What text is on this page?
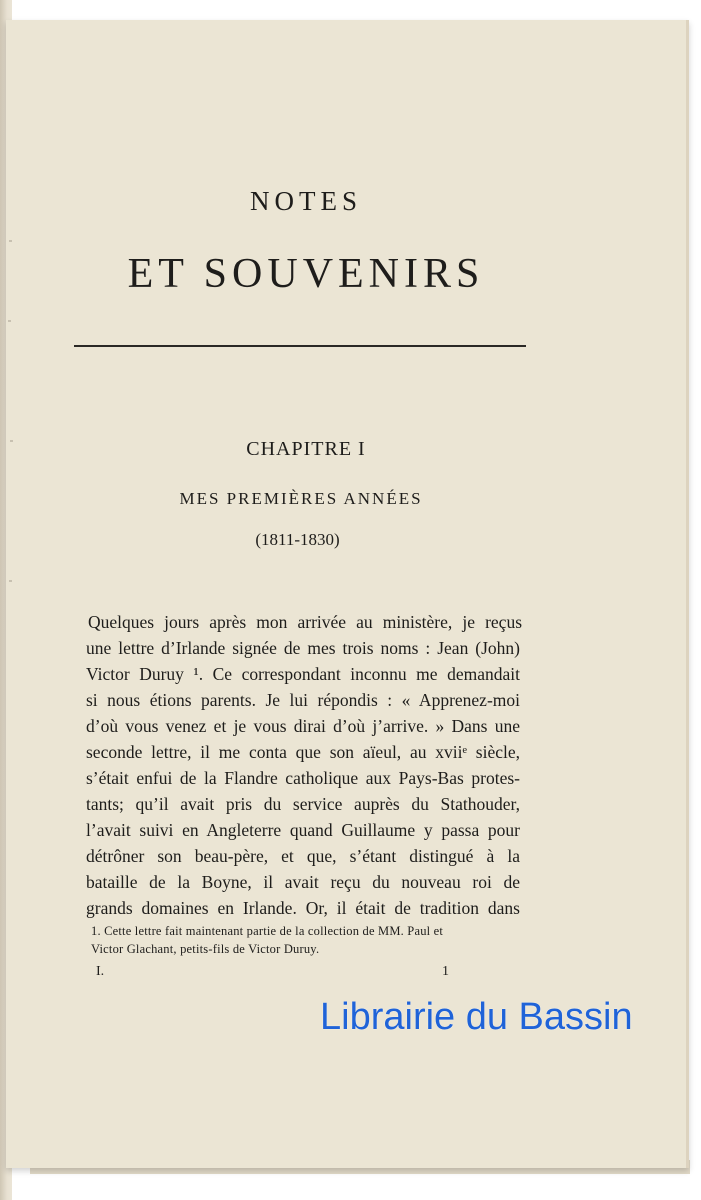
NOTES
ET SOUVENIRS
CHAPITRE I
MES PREMIÈRES ANNÉES
(1811-1830)
Quelques jours après mon arrivée au ministère, je reçus
une lettre d’Irlande signée de mes trois noms : Jean (John)
Victor Duruy ¹. Ce correspondant inconnu me demandait
si nous étions parents. Je lui répondis : « Apprenez-moi
d’où vous venez et je vous dirai d’où j’arrive. » Dans une
seconde lettre, il me conta que son aïeul, au xviiᵉ siècle,
s’était enfui de la Flandre catholique aux Pays-Bas protes-
tants; qu’il avait pris du service auprès du Stathouder,
l’avait suivi en Angleterre quand Guillaume y passa pour
détrôner son beau-père, et que, s’étant distingué à la
bataille de la Boyne, il avait reçu du nouveau roi de
grands domaines en Irlande. Or, il était de tradition dans
1. Cette lettre fait maintenant partie de la collection de MM. Paul et
Victor Glachant, petits-fils de Victor Duruy.
I.	1
Librairie du Bassin
